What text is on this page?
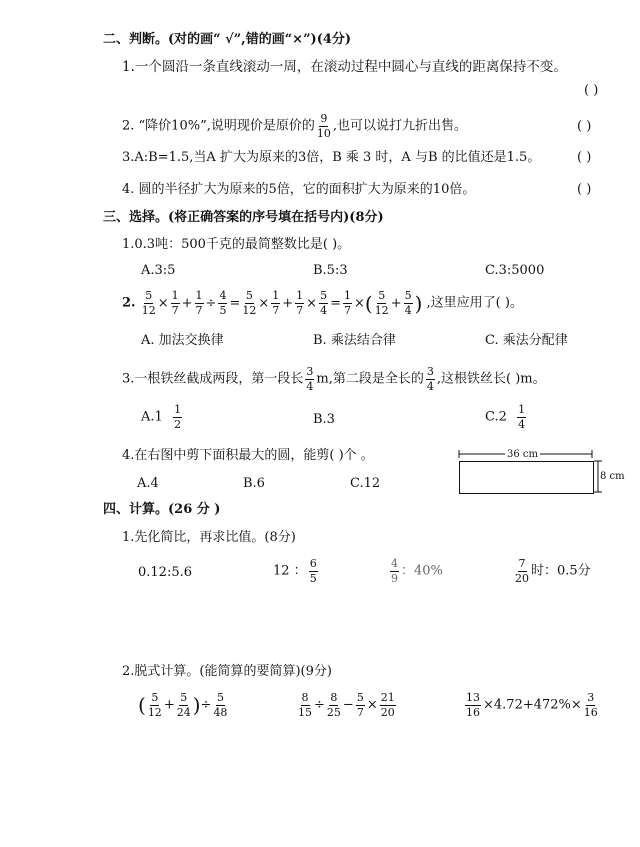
二、判断。(对的画“ √”,错的画“×”)(4分)
1.一个圆沿一条直线滚动一周，在滚动过程中圆心与直线的距离保持不变。
( )
2. “降价10%”,说明现价是原价的 $\frac{9}{10}$ ,也可以说打九折出售。	( )
3.A:B=1.5,当A 扩大为原来的3倍，B 乘 3 时，A 与B 的比值还是1.5。	( )
4. 圆的半径扩大为原来的5倍，它的面积扩大为原来的10倍。	( )
三、选择。(将正确答案的序号填在括号内)(8分)
1.0.3吨：500千克的最简整数比是( )。
A.3:5	B.5:3	C.3:5000
2. $\frac{5}{12} \times \frac{1}{7} + \frac{1}{7} \div \frac{4}{5} = \frac{5}{12} \times \frac{1}{7} + \frac{1}{7} \times \frac{5}{4} = \frac{1}{7}$ ×( $\frac{5}{12} + \frac{5}{4}$ ) ,这里应用了( )。
A. 加法交换律	B. 乘法结合律	C. 乘法分配律
3.一根铁丝截成两段，第一段长 $\frac{3}{4} m$,第二段是全长的 $\frac{3}{4}$ ,这根铁丝长( )m。
$A.1 \frac{1}{2}$	B.3	$C.2 \frac{1}{4}$
4.在右图中剪下面积最大的圆，能剪( )个 。
A.4	B.6	C.12
36 cm
8 cm
四、计算。(26 分 )
1.先化简比，再求比值。(8分)
0.12:5.6	12 ： $\frac{6}{5}$	$\frac{4}{9}$ ：40%	$\frac{7}{20}$ 时：0.5分
2.脱式计算。(能简算的要简算)(9分)
( $\frac{5}{12} + \frac{5}{24}$ )÷ $\frac{5}{48}$	$\frac{8}{15} \div \frac{8}{25} - \frac{5}{7} \times \frac{21}{20}$	$\frac{13}{16} \times 4.72+472\%\times \frac{3}{16}$
